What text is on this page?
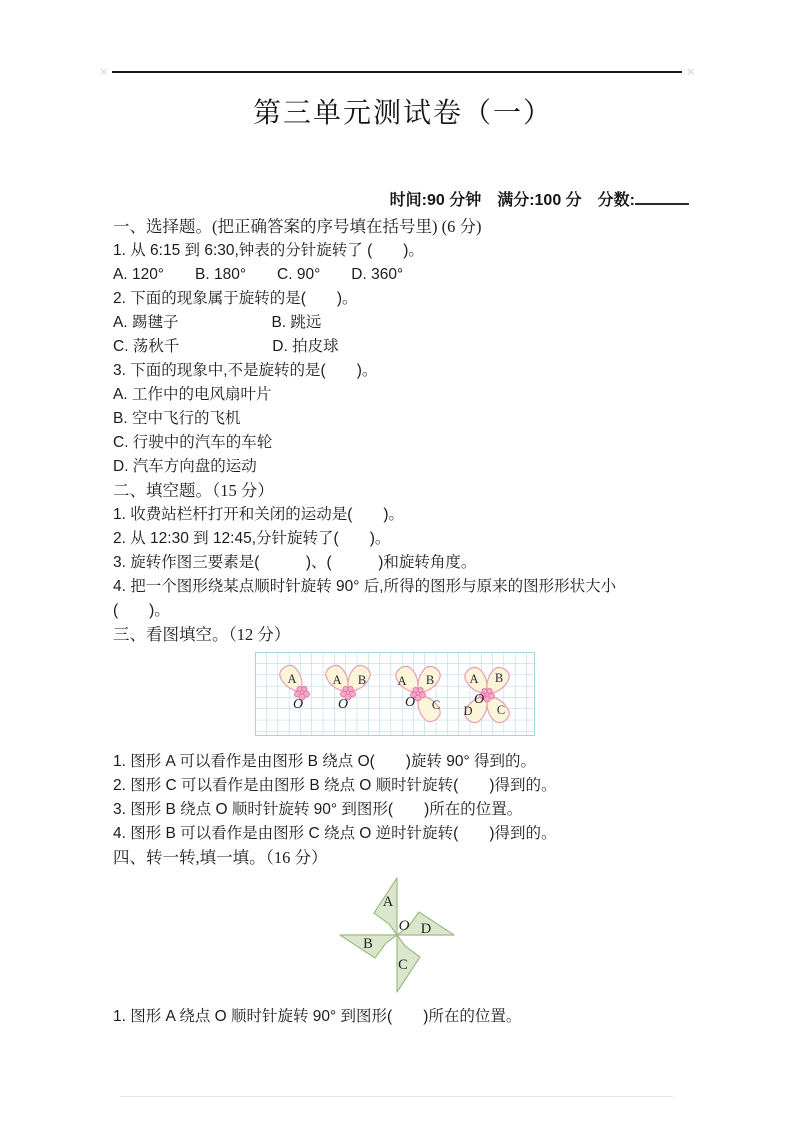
×	×
第三单元测试卷（一）
时间:90 分钟　满分:100 分　分数:
一、选择题。(把正确答案的序号填在括号里) (6 分)
1. 从 6:15 到 6:30,钟表的分针旋转了 (　　)。
A. 120°　　B. 180°　　C. 90°　　D. 360°
2. 下面的现象属于旋转的是(　　)。
A. 踢毽子　　　　　　B. 跳远
C. 荡秋千　　　　　　D. 拍皮球
3. 下面的现象中,不是旋转的是(　　)。
A. 工作中的电风扇叶片
B. 空中飞行的飞机
C. 行驶中的汽车的车轮
D. 汽车方向盘的运动
二、填空题。（15 分）
1. 收费站栏杆打开和关闭的运动是(　　)。
2. 从 12:30 到 12:45,分针旋转了(　　)。
3. 旋转作图三要素是(　　　)、(　　　)和旋转角度。
4. 把一个图形绕某点顺时针旋转 90° 后,所得的图形与原来的图形形状大小
(　　)。
三、看图填空。（12 分）
A
O
A B
O
A B
C
O
A B
C
D
O
1. 图形 A 可以看作是由图形 B 绕点 O(　　)旋转 90° 得到的。
2. 图形 C 可以看作是由图形 B 绕点 O 顺时针旋转(　　)得到的。
3. 图形 B 绕点 O 顺时针旋转 90° 到图形(　　)所在的位置。
4. 图形 B 可以看作是由图形 C 绕点 O 逆时针旋转(　　)得到的。
四、转一转,填一填。（16 分）
A
B
C
D
O
1. 图形 A 绕点 O 顺时针旋转 90° 到图形(　　)所在的位置。
